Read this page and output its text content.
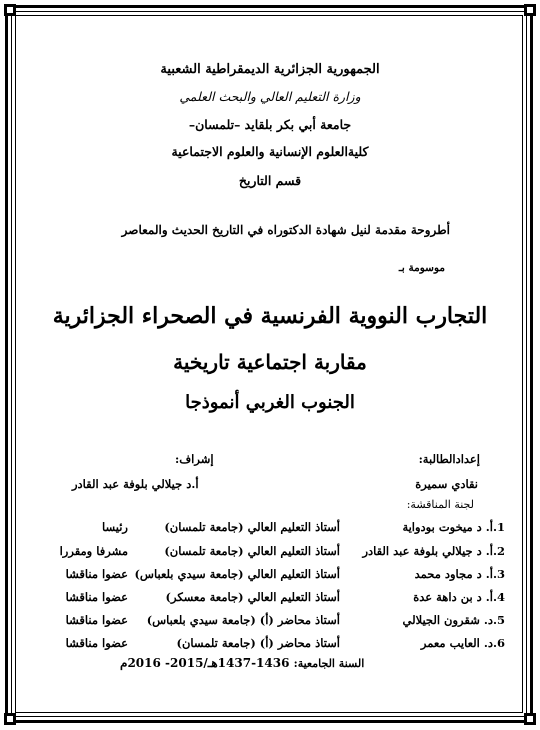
الجمهورية الجزائرية الديمقراطية الشعبية
وزارة التعليم العالي والبحث العلمي
جامعة أبي بكر بلقايد –تلمسان–
كليةالعلوم الإنسانية والعلوم الاجتماعية
قسم التاريخ
أطروحة مقدمة لنيل شهادة الدكتوراه في التاريخ الحديث والمعاصر
موسومة بـ
التجارب النووية الفرنسية في الصحراء الجزائرية
مقاربة اجتماعية تاريخية
الجنوب الغربي أنموذجا
إعدادالطالبة:
إشراف:
نقادي سميرة
أ.د جيلالي بلوفة عبد القادر
لجنة المناقشة:
1.أ. د ميخوت بودواية
أستاذ التعليم العالي (جامعة تلمسان)
رئيسا
2.أ. د جيلالي بلوفة عبد القادر
أستاذ التعليم العالي (جامعة تلمسان)
مشرفا ومقررا
3.أ. د مجاود محمد
أستاذ التعليم العالي (جامعة سيدي بلعباس)
عضوا مناقشا
4.أ. د بن داهة عدة
أستاذ التعليم العالي (جامعة معسكر)
عضوا مناقشا
5.د. شقرون الجيلالي
أستاذ محاضر (أ) (جامعة سيدي بلعباس)
عضوا مناقشا
6.د. العايب معمر
أستاذ محاضر (أ) (جامعة تلمسان)
عضوا مناقشا
السنة الجامعية: 1436-1437هـ/2015- 2016م
